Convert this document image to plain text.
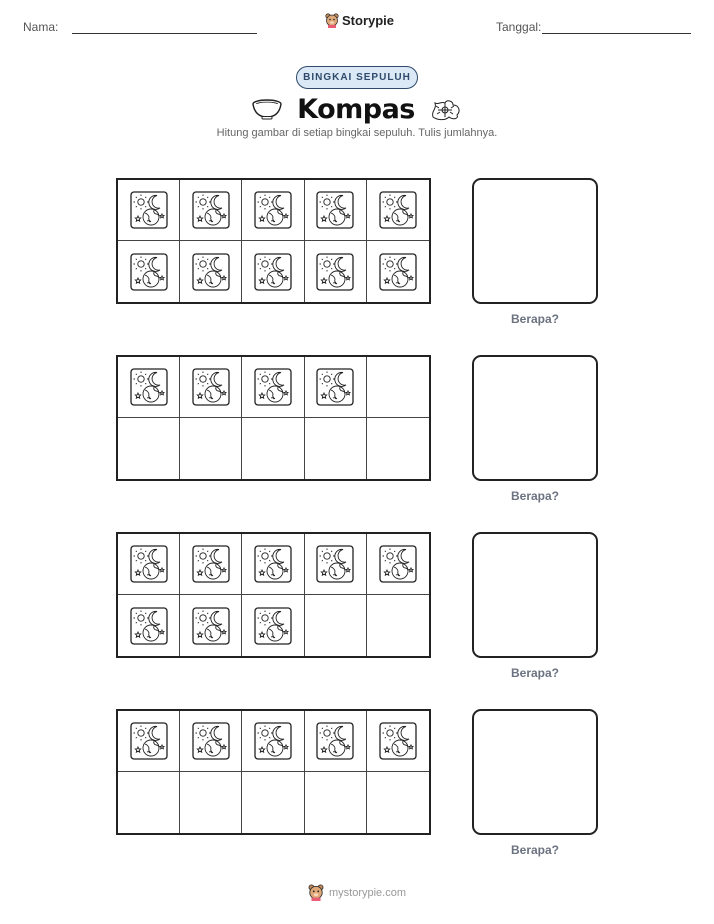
Nama:	Storypie	Tanggal:
BINGKAI SEPULUH
Kompas
Hitung gambar di setiap bingkai sepuluh. Tulis jumlahnya.
Berapa?
Berapa?
Berapa?
Berapa?
mystorypie.com
